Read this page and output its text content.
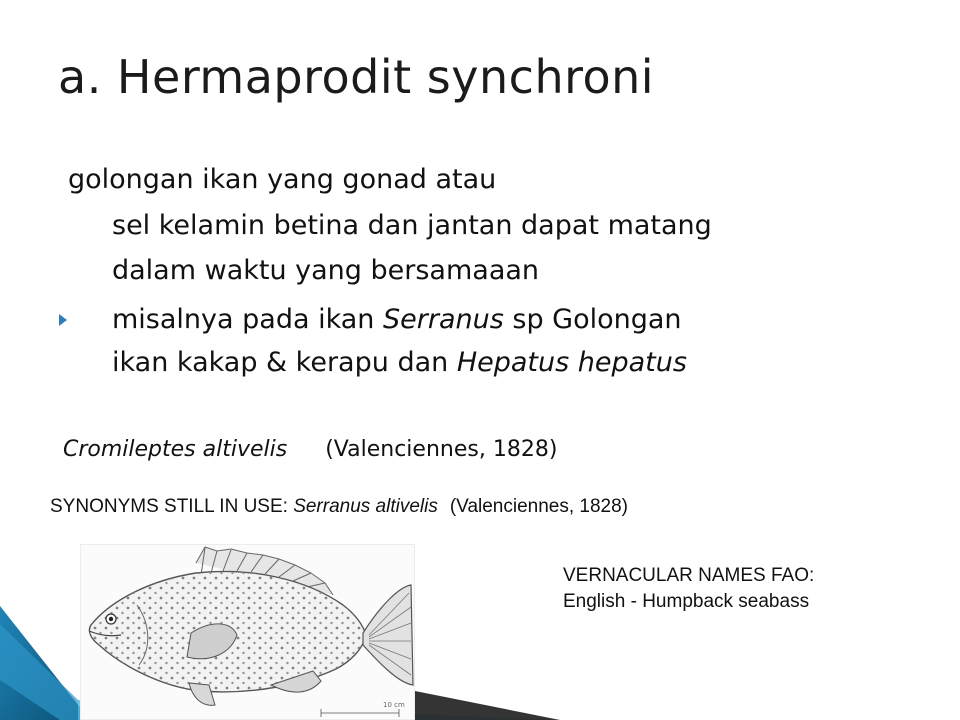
a. Hermaprodit synchroni

golongan ikan yang gonad atau

sel kelamin betina dan jantan dapat matang

dalam waktu yang bersamaaan

misalnya pada ikan Serranus sp Golongan

ikan kakap & kerapu dan Hepatus hepatus

Cromileptes altivelis (Valenciennes, 1828)
SYNONYMS STILL IN USE: Serranus altivelis (Valenciennes, 1828)
VERNACULAR NAMES FAO:
English - Humpback seabass
10 cm
